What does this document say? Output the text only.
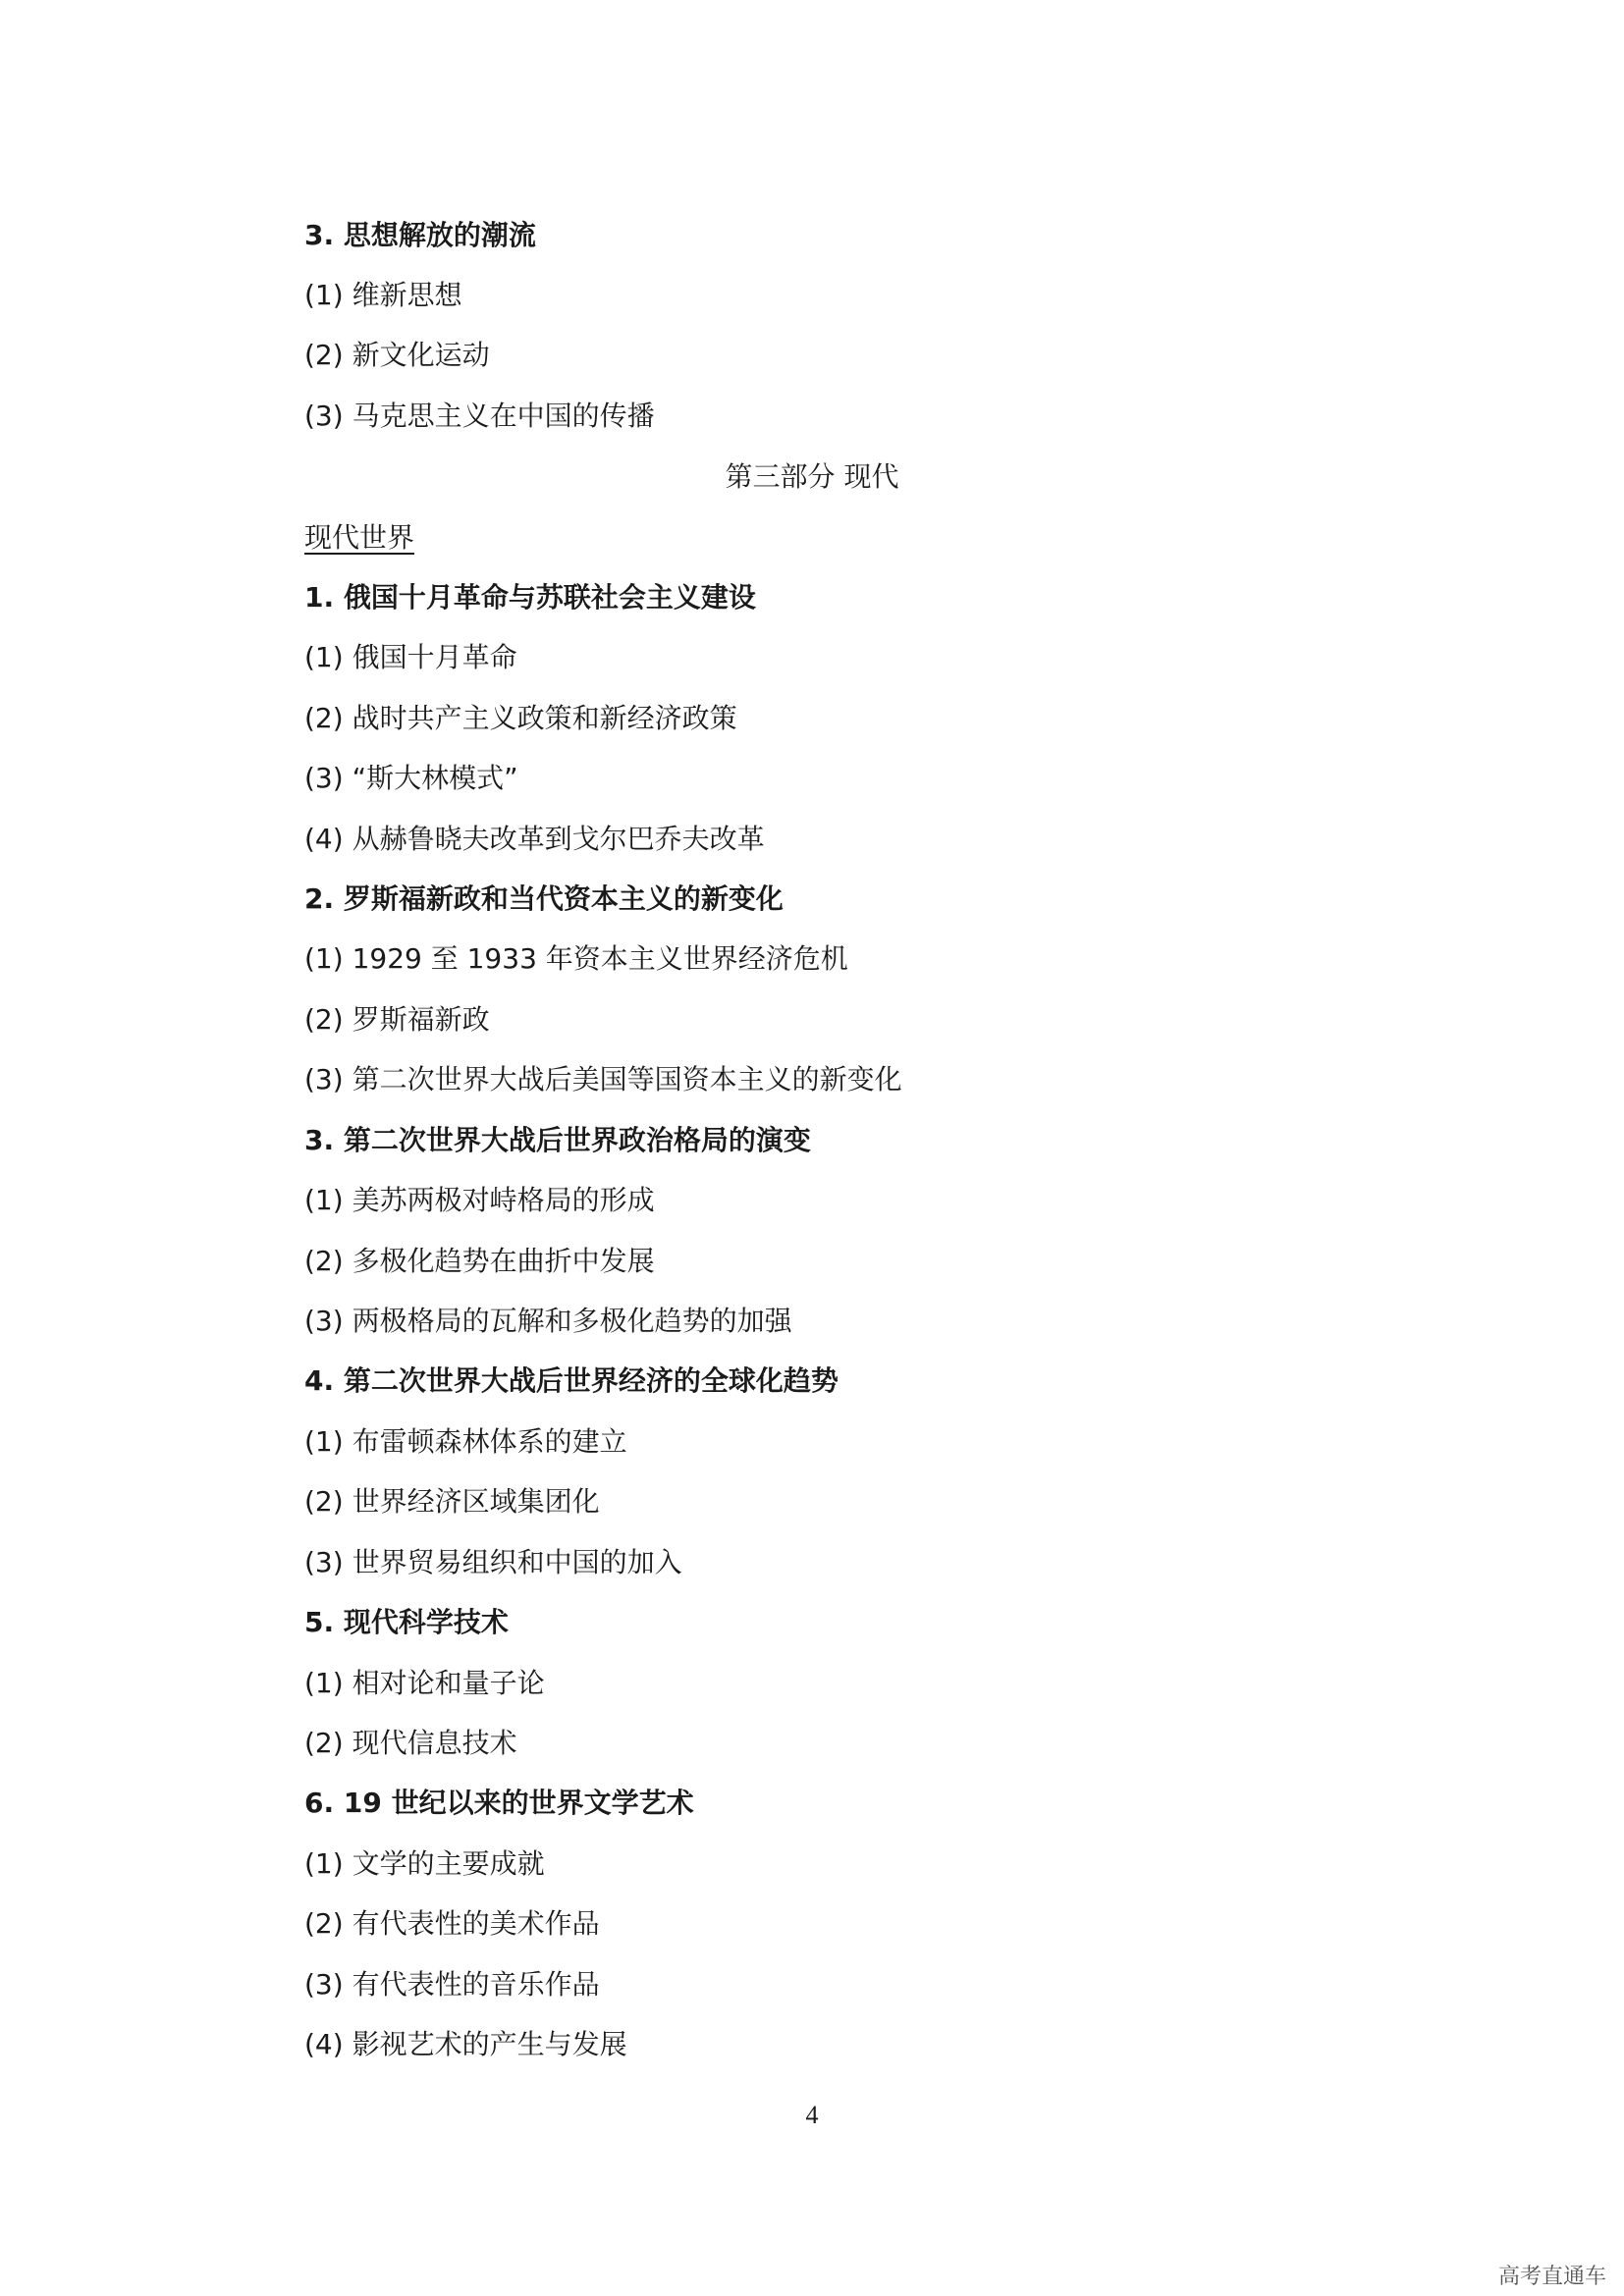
3. 思想解放的潮流
(1) 维新思想
(2) 新文化运动
(3) 马克思主义在中国的传播
第三部分 现代
现代世界
1. 俄国十月革命与苏联社会主义建设
(1) 俄国十月革命
(2) 战时共产主义政策和新经济政策
(3) “斯大林模式”
(4) 从赫鲁晓夫改革到戈尔巴乔夫改革
2. 罗斯福新政和当代资本主义的新变化
(1) 1929 至 1933 年资本主义世界经济危机
(2) 罗斯福新政
(3) 第二次世界大战后美国等国资本主义的新变化
3. 第二次世界大战后世界政治格局的演变
(1) 美苏两极对峙格局的形成
(2) 多极化趋势在曲折中发展
(3) 两极格局的瓦解和多极化趋势的加强
4. 第二次世界大战后世界经济的全球化趋势
(1) 布雷顿森林体系的建立
(2) 世界经济区域集团化
(3) 世界贸易组织和中国的加入
5. 现代科学技术
(1) 相对论和量子论
(2) 现代信息技术
6. 19 世纪以来的世界文学艺术
(1) 文学的主要成就
(2) 有代表性的美术作品
(3) 有代表性的音乐作品
(4) 影视艺术的产生与发展
4
高考直通车
